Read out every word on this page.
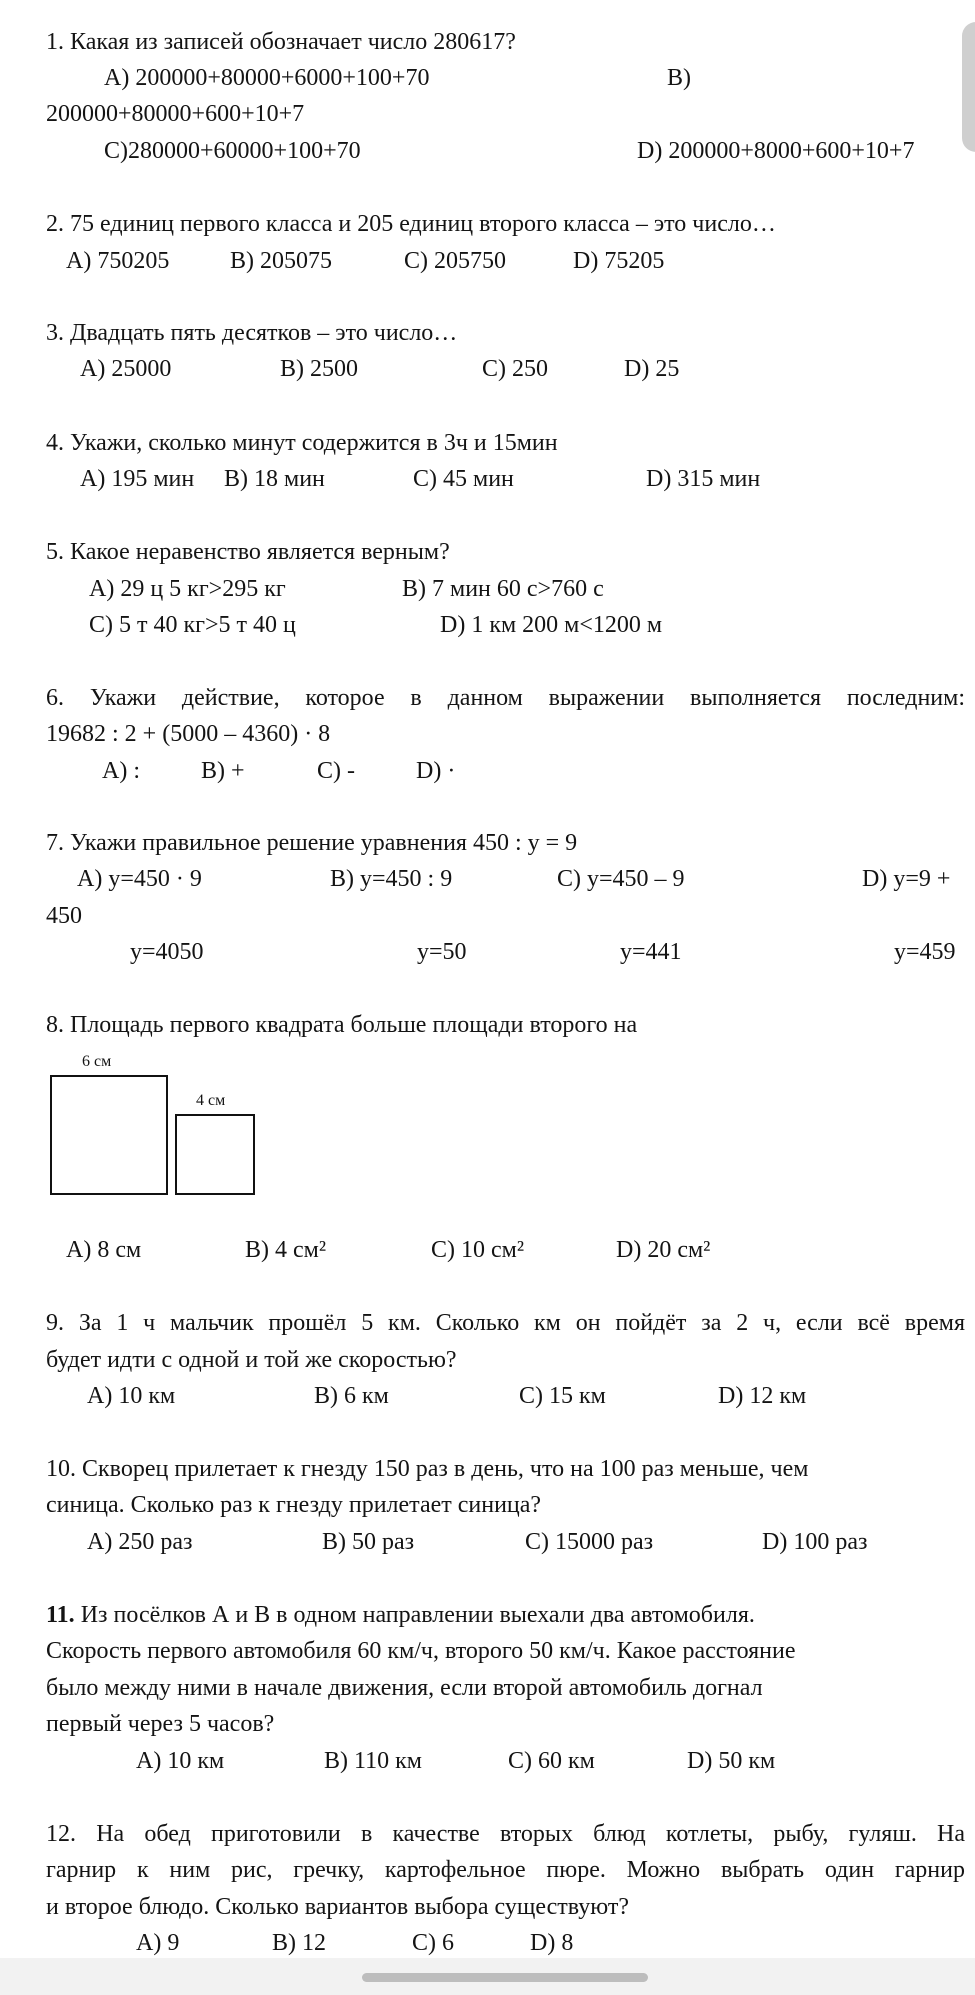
1. Какая из записей обозначает число 280617?
А) 200000+80000+6000+100+70	В)
200000+80000+600+10+7
С)280000+60000+100+70	D) 200000+8000+600+10+7
2. 75 единиц первого класса и 205 единиц второго класса – это число…
А) 750205	В) 205075	С) 205750	D) 75205
3. Двадцать пять десятков – это число…
А) 25000	В) 2500	С) 250	D) 25
4. Укажи, сколько минут содержится в 3ч и 15мин
А) 195 мин В) 18 мин	С) 45 мин	D) 315 мин
5. Какое неравенство является верным?
А) 29 ц 5 кг>295 кг	В) 7 мин 60 с>760 с
С) 5 т 40 кг>5 т 40 ц	D) 1 км 200 м<1200 м
6. Укажи действие, которое в данном выражении выполняется последним:
19682 : 2 + (5000 – 4360) · 8
А) :	В) +	С) -	D) ·
7. Укажи правильное решение уравнения 450 : у = 9
А) у=450 · 9	В) у=450 : 9	С) у=450 – 9	D) у=9 +
450
у=4050	у=50	у=441	у=459
8. Площадь первого квадрата больше площади второго на
6 см
4 см
А) 8 см	В) 4 см²	С) 10 см²	D) 20 см²
9. За 1 ч мальчик прошёл 5 км. Сколько км он пойдёт за 2 ч, если всё время
будет идти с одной и той же скоростью?
А) 10 км	В) 6 км	С) 15 км	D) 12 км
10. Скворец прилетает к гнезду 150 раз в день, что на 100 раз меньше, чем
синица. Сколько раз к гнезду прилетает синица?
А) 250 раз	В) 50 раз	С) 15000 раз	D) 100 раз
11. Из посёлков А и В в одном направлении выехали два автомобиля.
Скорость первого автомобиля 60 км/ч, второго 50 км/ч. Какое расстояние
было между ними в начале движения, если второй автомобиль догнал
первый через 5 часов?
А) 10 км	В) 110 км	С) 60 км	D) 50 км
12. На обед приготовили в качестве вторых блюд котлеты, рыбу, гуляш. На
гарнир к ним рис, гречку, картофельное пюре. Можно выбрать один гарнир
и второе блюдо. Сколько вариантов выбора существуют?
А) 9	В) 12	С) 6	D) 8
